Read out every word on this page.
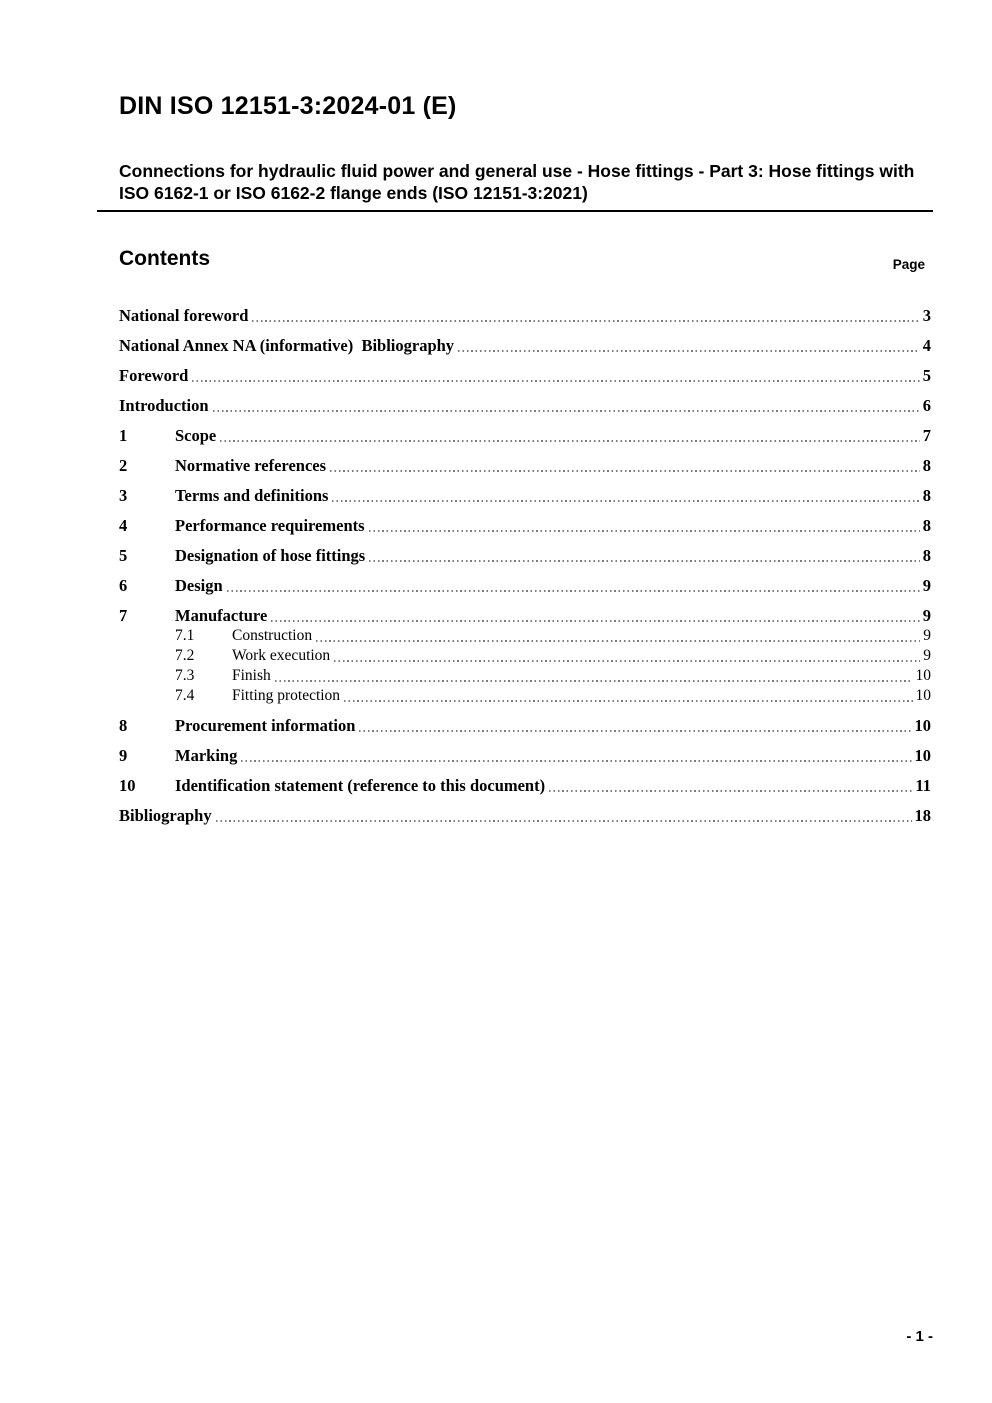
DIN ISO 12151-3:2024-01 (E)
Connections for hydraulic fluid power and general use - Hose fittings - Part 3: Hose fittings with ISO 6162-1 or ISO 6162-2 flange ends (ISO 12151-3:2021)
Contents	Page
National foreword	3
National Annex NA (informative)  Bibliography	4
Foreword	5
Introduction	6
1	Scope	7
2	Normative references	8
3	Terms and definitions	8
4	Performance requirements	8
5	Designation of hose fittings	8
6	Design	9
7	Manufacture	9
7.1	Construction	9
7.2	Work execution	9
7.3	Finish	10
7.4	Fitting protection	10
8	Procurement information	10
9	Marking	10
10	Identification statement (reference to this document)	11
Bibliography	18
- 1 -
